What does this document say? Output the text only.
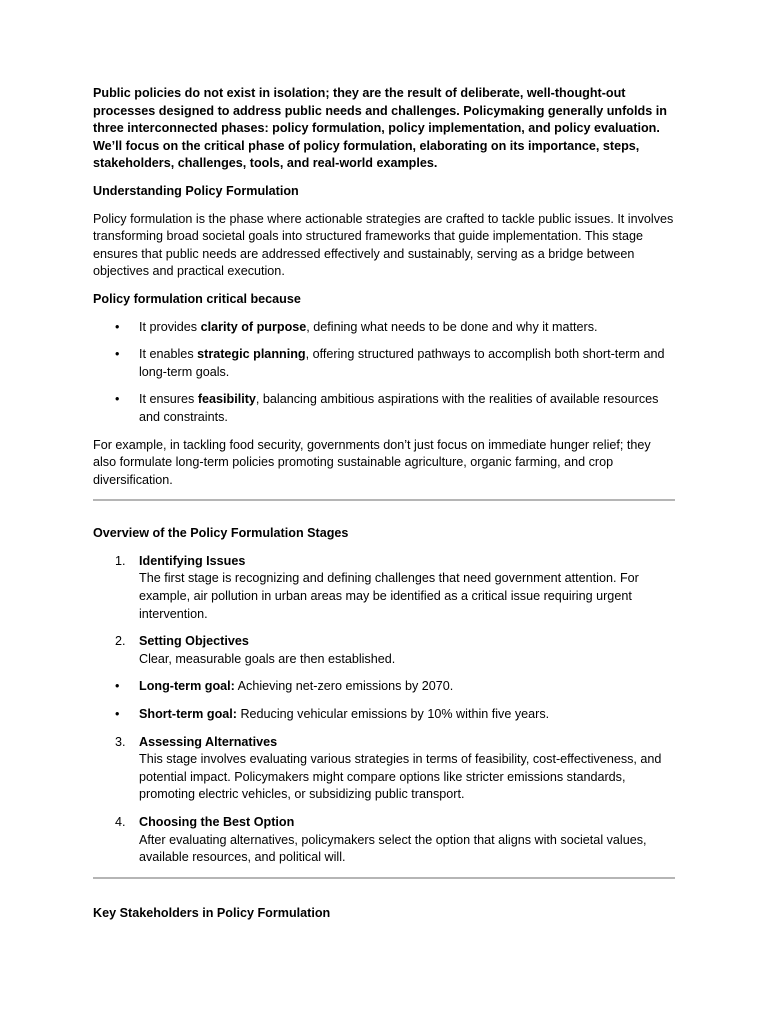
Public policies do not exist in isolation; they are the result of deliberate, well-thought-out processes designed to address public needs and challenges. Policymaking generally unfolds in three interconnected phases: policy formulation, policy implementation, and policy evaluation. We’ll focus on the critical phase of policy formulation, elaborating on its importance, steps, stakeholders, challenges, tools, and real-world examples.

Understanding Policy Formulation

Policy formulation is the phase where actionable strategies are crafted to tackle public issues. It involves transforming broad societal goals into structured frameworks that guide implementation. This stage ensures that public needs are addressed effectively and sustainably, serving as a bridge between objectives and practical execution.

Policy formulation critical because

• It provides clarity of purpose, defining what needs to be done and why it matters.
• It enables strategic planning, offering structured pathways to accomplish both short-term and long-term goals.
• It ensures feasibility, balancing ambitious aspirations with the realities of available resources and constraints.

For example, in tackling food security, governments don’t just focus on immediate hunger relief; they also formulate long-term policies promoting sustainable agriculture, organic farming, and crop diversification.

Overview of the Policy Formulation Stages

1. Identifying Issues
The first stage is recognizing and defining challenges that need government attention. For example, air pollution in urban areas may be identified as a critical issue requiring urgent intervention.
2. Setting Objectives
Clear, measurable goals are then established.
• Long-term goal: Achieving net-zero emissions by 2070.
• Short-term goal: Reducing vehicular emissions by 10% within five years.
3. Assessing Alternatives
This stage involves evaluating various strategies in terms of feasibility, cost-effectiveness, and potential impact. Policymakers might compare options like stricter emissions standards, promoting electric vehicles, or subsidizing public transport.
4. Choosing the Best Option
After evaluating alternatives, policymakers select the option that aligns with societal values, available resources, and political will.

Key Stakeholders in Policy Formulation
